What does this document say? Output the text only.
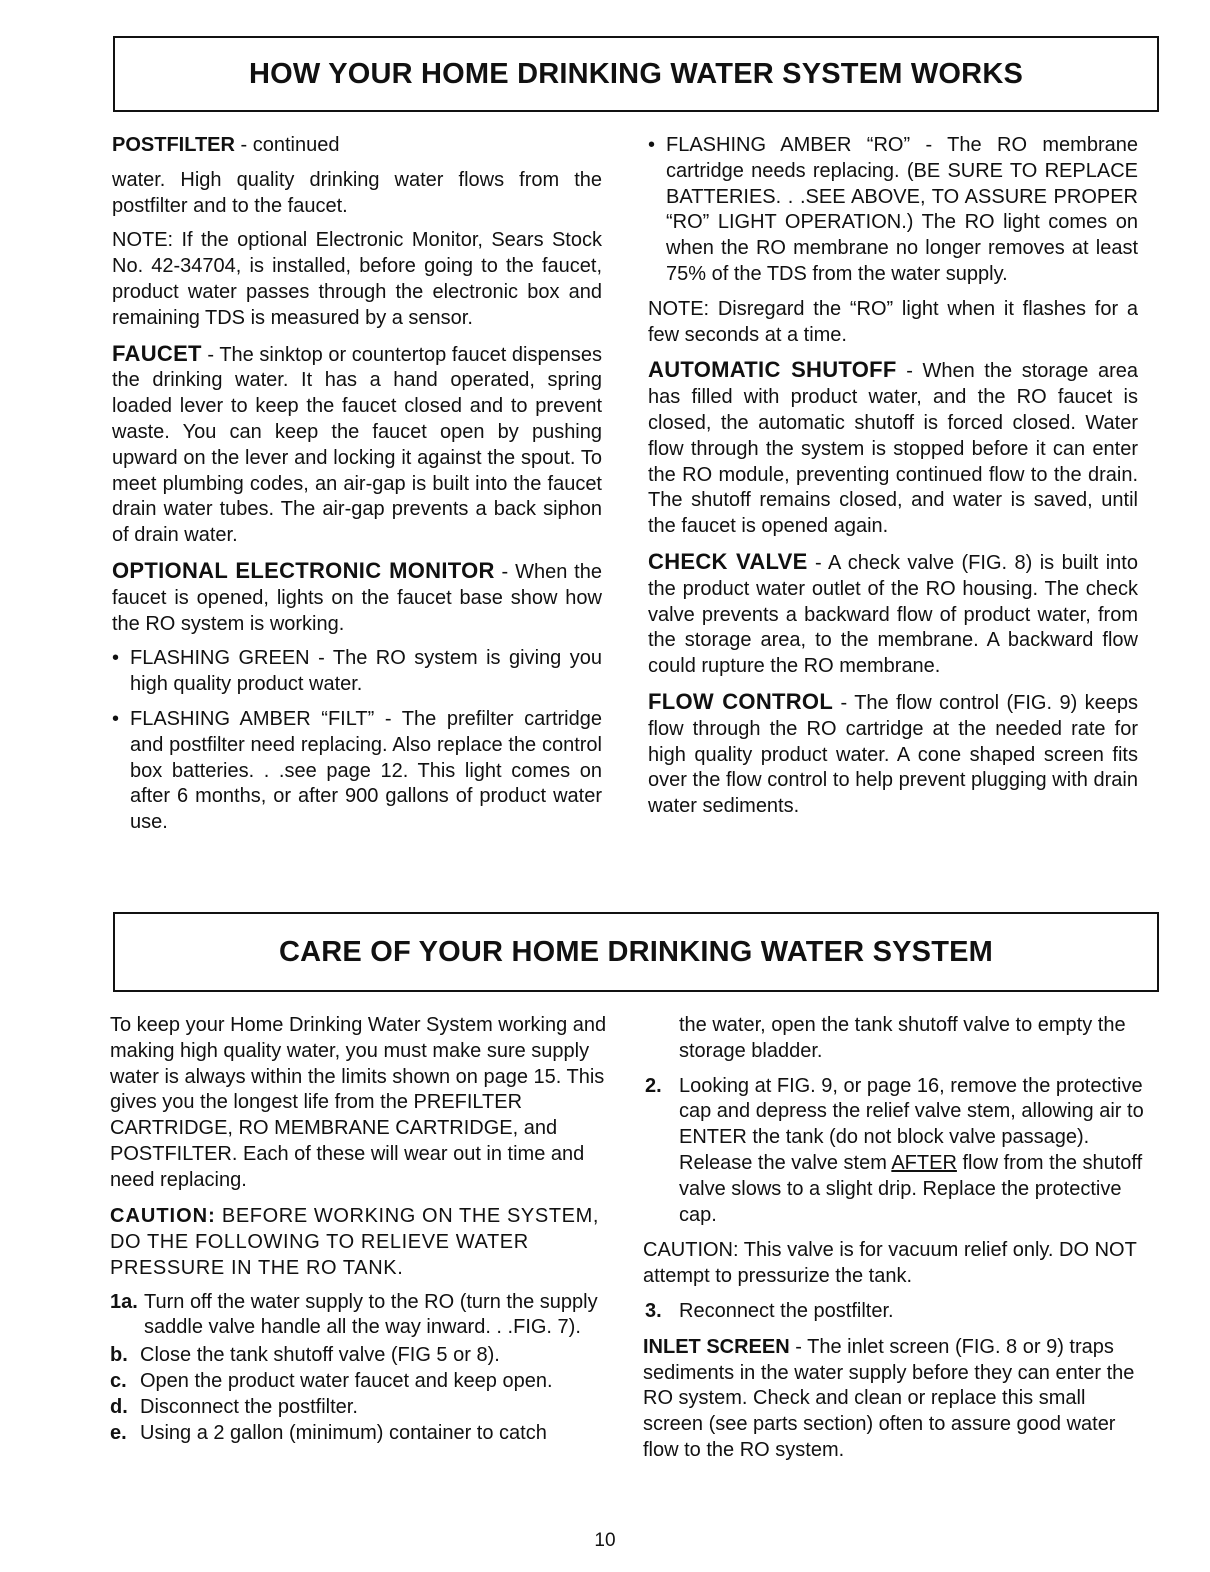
HOW YOUR HOME DRINKING WATER SYSTEM WORKS

POSTFILTER - continued

water. High quality drinking water flows from the postfilter and to the faucet.

NOTE: If the optional Electronic Monitor, Sears Stock No. 42-34704, is installed, before going to the faucet, product water passes through the electronic box and remaining TDS is measured by a sensor.

FAUCET - The sinktop or countertop faucet dispenses the drinking water. It has a hand operated, spring loaded lever to keep the faucet closed and to prevent waste. You can keep the faucet open by pushing upward on the lever and locking it against the spout. To meet plumbing codes, an air-gap is built into the faucet drain water tubes. The air-gap prevents a back siphon of drain water.

OPTIONAL ELECTRONIC MONITOR - When the faucet is opened, lights on the faucet base show how the RO system is working.

• FLASHING GREEN - The RO system is giving you high quality product water.
• FLASHING AMBER “FILT” - The prefilter cartridge and postfilter need replacing. Also replace the control box batteries. . .see page 12. This light comes on after 6 months, or after 900 gallons of product water use.
• FLASHING AMBER “RO” - The RO membrane cartridge needs replacing. (BE SURE TO REPLACE BATTERIES. . .SEE ABOVE, TO ASSURE PROPER “RO” LIGHT OPERATION.) The RO light comes on when the RO membrane no longer removes at least 75% of the TDS from the water supply.

NOTE: Disregard the “RO” light when it flashes for a few seconds at a time.

AUTOMATIC SHUTOFF - When the storage area has filled with product water, and the RO faucet is closed, the automatic shutoff is forced closed. Water flow through the system is stopped before it can enter the RO module, preventing continued flow to the drain. The shutoff remains closed, and water is saved, until the faucet is opened again.

CHECK VALVE - A check valve (FIG. 8) is built into the product water outlet of the RO housing. The check valve prevents a backward flow of product water, from the storage area, to the membrane. A backward flow could rupture the RO membrane.

FLOW CONTROL - The flow control (FIG. 9) keeps flow through the RO cartridge at the needed rate for high quality product water. A cone shaped screen fits over the flow control to help prevent plugging with drain water sediments.

CARE OF YOUR HOME DRINKING WATER SYSTEM

To keep your Home Drinking Water System working and making high quality water, you must make sure supply water is always within the limits shown on page 15. This gives you the longest life from the PREFILTER CARTRIDGE, RO MEMBRANE CARTRIDGE, and POSTFILTER. Each of these will wear out in time and need replacing.

CAUTION: BEFORE WORKING ON THE SYSTEM, DO THE FOLLOWING TO RELIEVE WATER PRESSURE IN THE RO TANK.

1a. Turn off the water supply to the RO (turn the supply saddle valve handle all the way inward. . .FIG. 7).
b. Close the tank shutoff valve (FIG 5 or 8).
c. Open the product water faucet and keep open.
d. Disconnect the postfilter.
e. Using a 2 gallon (minimum) container to catch

the water, open the tank shutoff valve to empty the storage bladder.

2. Looking at FIG. 9, or page 16, remove the protective cap and depress the relief valve stem, allowing air to ENTER the tank (do not block valve passage). Release the valve stem AFTER flow from the shutoff valve slows to a slight drip. Replace the protective cap.

CAUTION: This valve is for vacuum relief only. DO NOT attempt to pressurize the tank.

3. Reconnect the postfilter.

INLET SCREEN - The inlet screen (FIG. 8 or 9) traps sediments in the water supply before they can enter the RO system. Check and clean or replace this small screen (see parts section) often to assure good water flow to the RO system.

10
